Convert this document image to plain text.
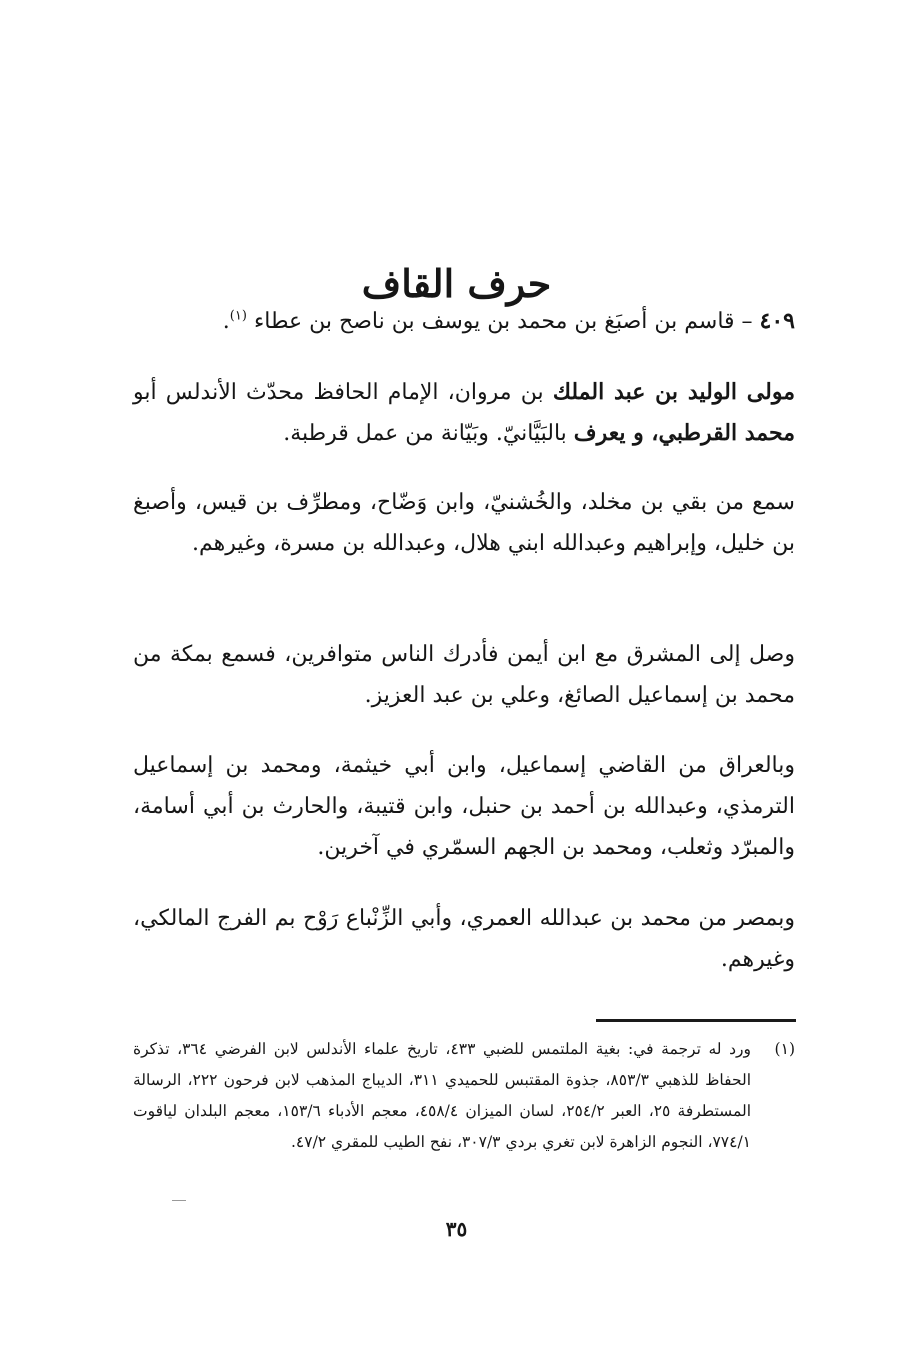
حرف القاف

٤٠٩ – قاسم بن أصبَغ بن محمد بن يوسف بن ناصح بن عطاء $^{(١)}$.

مولى الوليد بن عبد الملك بن مروان، الإمام الحافظ محدّث الأندلس أبو محمد القرطبي، و يعرف بالبَيَّانيّ. وبَيّانة من عمل قرطبة.

سمع من بقي بن مخلد، والخُشنيّ، وابن وَضّاح، ومطرِّف بن قيس، وأصبغ بن خليل، وإبراهيم وعبدالله ابني هلال، وعبدالله بن مسرة، وغيرهم.

وصل إلى المشرق مع ابن أيمن فأدرك الناس متوافرين، فسمع بمكة من محمد بن إسماعيل الصائغ، وعلي بن عبد العزيز.

وبالعراق من القاضي إسماعيل، وابن أبي خيثمة، ومحمد بن إسماعيل الترمذي، وعبدالله بن أحمد بن حنبل، وابن قتيبة، والحارث بن أبي أسامة، والمبرّد وثعلب، ومحمد بن الجهم السمّري في آخرين.

وبمصر من محمد بن عبدالله العمري، وأبي الزِّنْباع رَوْح بم الفرج المالكي، وغيرهم.

(١)
ورد له ترجمة في: بغية الملتمس للضبي ٤٣٣، تاريخ علماء الأندلس لابن الفرضي ٣٦٤، تذكرة الحفاظ للذهبي ٨٥٣/٣، جذوة المقتبس للحميدي ٣١١، الديباج المذهب لابن فرحون ٢٢٢، الرسالة المستطرفة ٢٥، العبر ٢٥٤/٢، لسان الميزان ٤٥٨/٤، معجم الأدباء ١٥٣/٦، معجم البلدان لياقوت ٧٧٤/١، النجوم الزاهرة لابن تغري بردي ٣٠٧/٣، نفح الطيب للمقري ٤٧/٢.
٣٥
